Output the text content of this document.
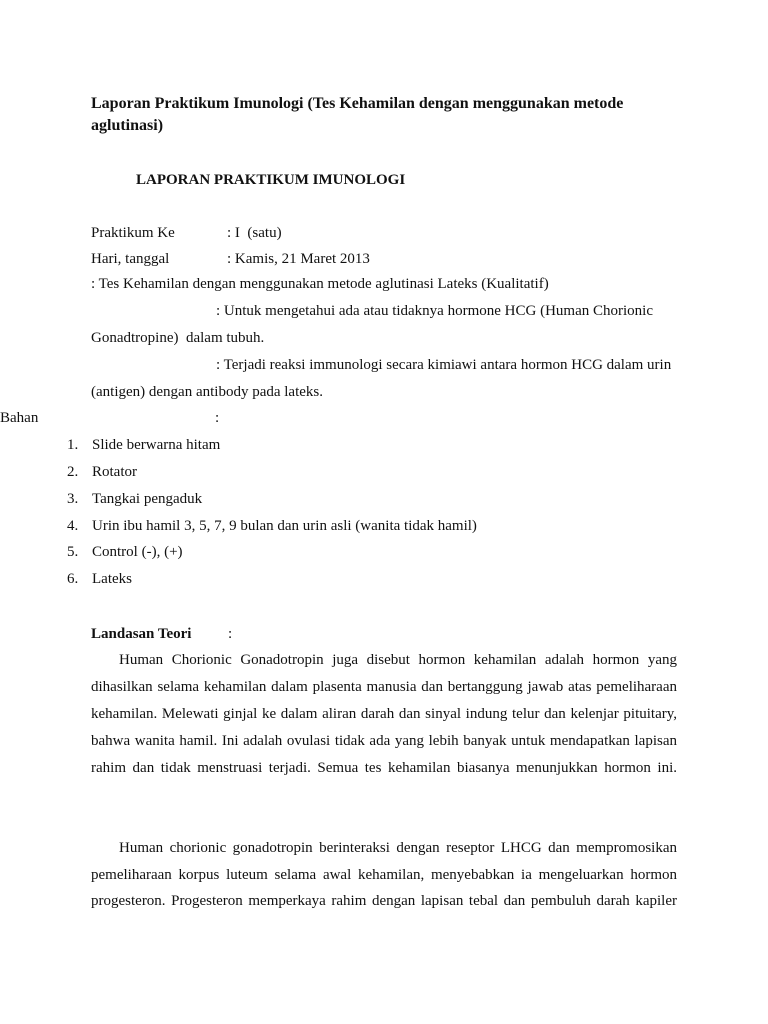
Laporan Praktikum Imunologi (Tes Kehamilan dengan menggunakan metode
aglutinasi)
LAPORAN PRAKTIKUM IMUNOLOGI
Praktikum Ke	: I  (satu)
Hari, tanggal	: Kamis, 21 Maret 2013
: Tes Kehamilan dengan menggunakan metode aglutinasi Lateks (Kualitatif)
: Untuk mengetahui ada atau tidaknya hormone HCG (Human Chorionic
Gonadtropine)  dalam tubuh.
: Terjadi reaksi immunologi secara kimiawi antara hormon HCG dalam urin
(antigen) dengan antibody pada lateks.
Bahan	:
1. Slide berwarna hitam
2. Rotator
3. Tangkai pengaduk
4. Urin ibu hamil 3, 5, 7, 9 bulan dan urin asli (wanita tidak hamil)
5. Control (-), (+)
6. Lateks
Landasan Teori :
Human Chorionic Gonadotropin juga disebut hormon kehamilan adalah hormon yang
dihasilkan selama kehamilan dalam plasenta manusia dan bertanggung jawab atas pemeliharaan
kehamilan. Melewati ginjal ke dalam aliran darah dan sinyal indung telur dan kelenjar pituitary,
bahwa wanita hamil. Ini adalah ovulasi tidak ada yang lebih banyak untuk mendapatkan lapisan
rahim dan tidak menstruasi terjadi. Semua tes kehamilan biasanya menunjukkan hormon ini.
Human chorionic gonadotropin berinteraksi dengan reseptor LHCG dan mempromosikan
pemeliharaan korpus luteum selama awal kehamilan, menyebabkan ia mengeluarkan hormon
progesteron. Progesteron memperkaya rahim dengan lapisan tebal dan pembuluh darah kapiler
